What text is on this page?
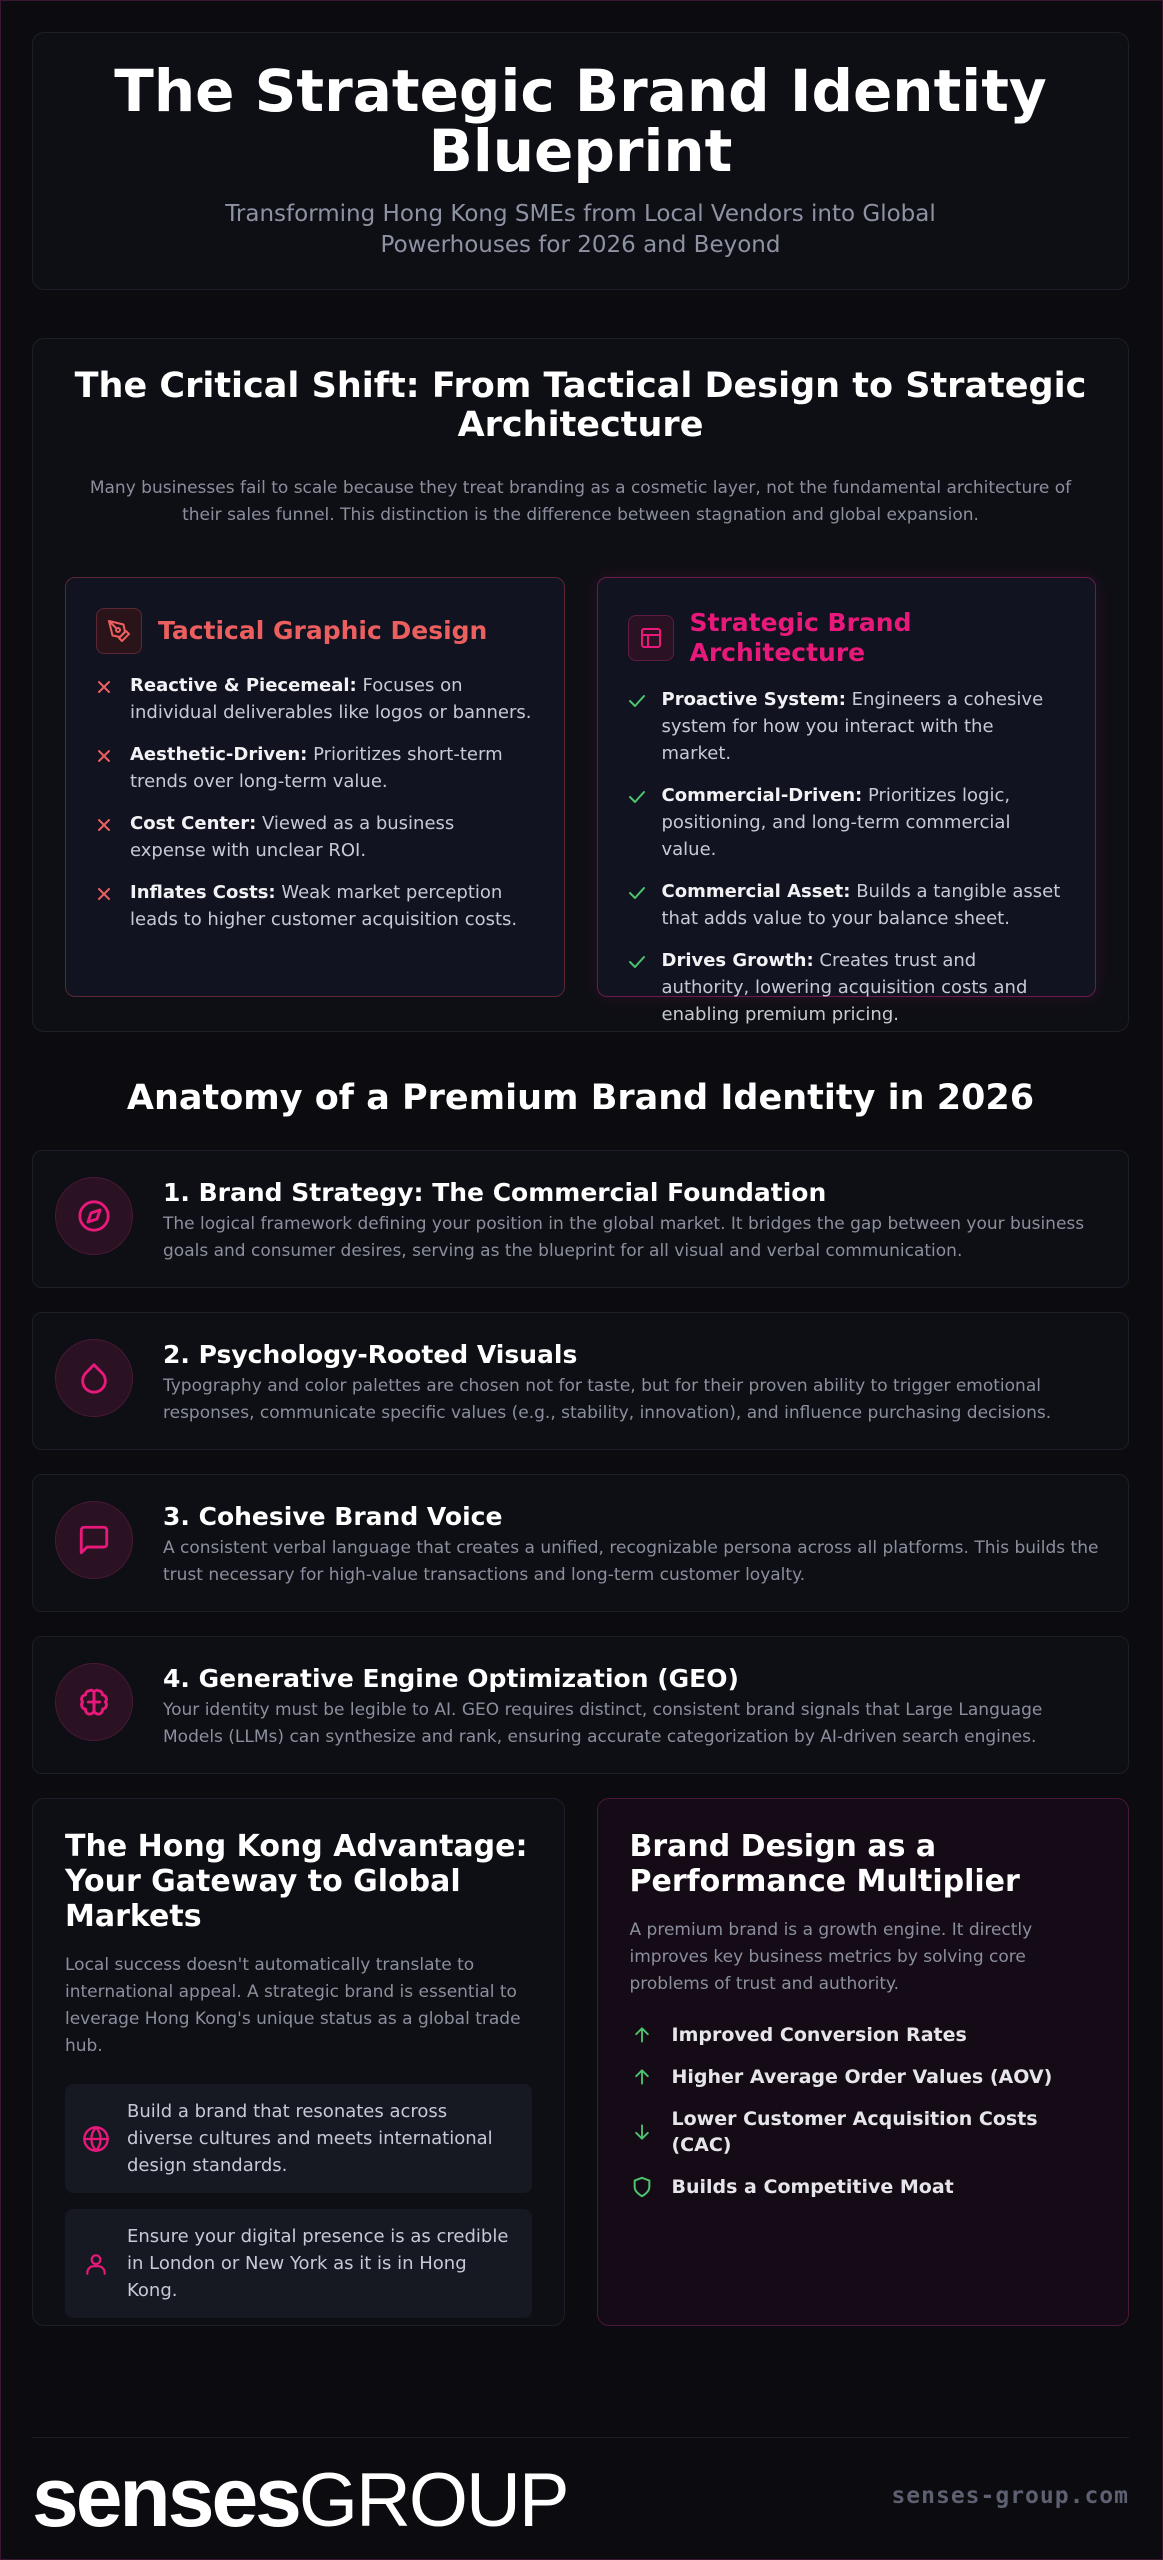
The Strategic Brand Identity Blueprint

Transforming Hong Kong SMEs from Local Vendors into Global Powerhouses for 2026 and Beyond

The Critical Shift: From Tactical Design to Strategic Architecture

Many businesses fail to scale because they treat branding as a cosmetic layer, not the fundamental architecture of their sales funnel. This distinction is the difference between stagnation and global expansion.

Tactical Graphic Design
Reactive & Piecemeal: Focuses on individual deliverables like logos or banners.
Aesthetic-Driven: Prioritizes short-term trends over long-term value.
Cost Center: Viewed as a business expense with unclear ROI.
Inflates Costs: Weak market perception leads to higher customer acquisition costs.
Strategic Brand Architecture
Proactive System: Engineers a cohesive system for how you interact with the market.
Commercial-Driven: Prioritizes logic, positioning, and long-term commercial value.
Commercial Asset: Builds a tangible asset that adds value to your balance sheet.
Drives Growth: Creates trust and authority, lowering acquisition costs and enabling premium pricing.
Anatomy of a Premium Brand Identity in 2026
1. Brand Strategy: The Commercial Foundation

The logical framework defining your position in the global market. It bridges the gap between your business goals and consumer desires, serving as the blueprint for all visual and verbal communication.

2. Psychology-Rooted Visuals

Typography and color palettes are chosen not for taste, but for their proven ability to trigger emotional responses, communicate specific values (e.g., stability, innovation), and influence purchasing decisions.

3. Cohesive Brand Voice

A consistent verbal language that creates a unified, recognizable persona across all platforms. This builds the trust necessary for high-value transactions and long-term customer loyalty.

4. Generative Engine Optimization (GEO)

Your identity must be legible to AI. GEO requires distinct, consistent brand signals that Large Language Models (LLMs) can synthesize and rank, ensuring accurate categorization by AI-driven search engines.

The Hong Kong Advantage: Your Gateway to Global Markets

Local success doesn't automatically translate to international appeal. A strategic brand is essential to leverage Hong Kong's unique status as a global trade hub.

Build a brand that resonates across diverse cultures and meets international design standards.
Ensure your digital presence is as credible in London or New York as it is in Hong Kong.
Brand Design as a Performance Multiplier

A premium brand is a growth engine. It directly improves key business metrics by solving core problems of trust and authority.

Improved Conversion Rates
Higher Average Order Values (AOV)
Lower Customer Acquisition Costs (CAC)
Builds a Competitive Moat
sensesGROUP	senses-group.com
